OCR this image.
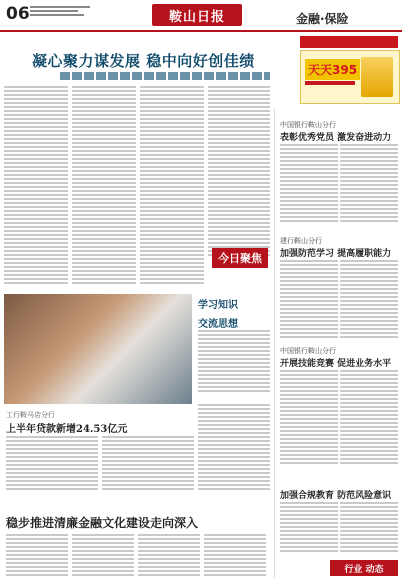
06	鞍山日报	金融·保险
凝心聚力谋发展 稳中向好创佳绩	天天395
今日聚焦
学习知识
交流思想
工行鞍马店分行
上半年贷款新增24.53亿元
稳步推进清廉金融文化建设走向深入
中国银行鞍山分行
表彰优秀党员 激发奋进动力
建行鞍山分行
加强防范学习 提高履职能力
中国银行鞍山分行
开展技能竞赛 促进业务水平
加强合规教育 防范风险意识
行业 动态
